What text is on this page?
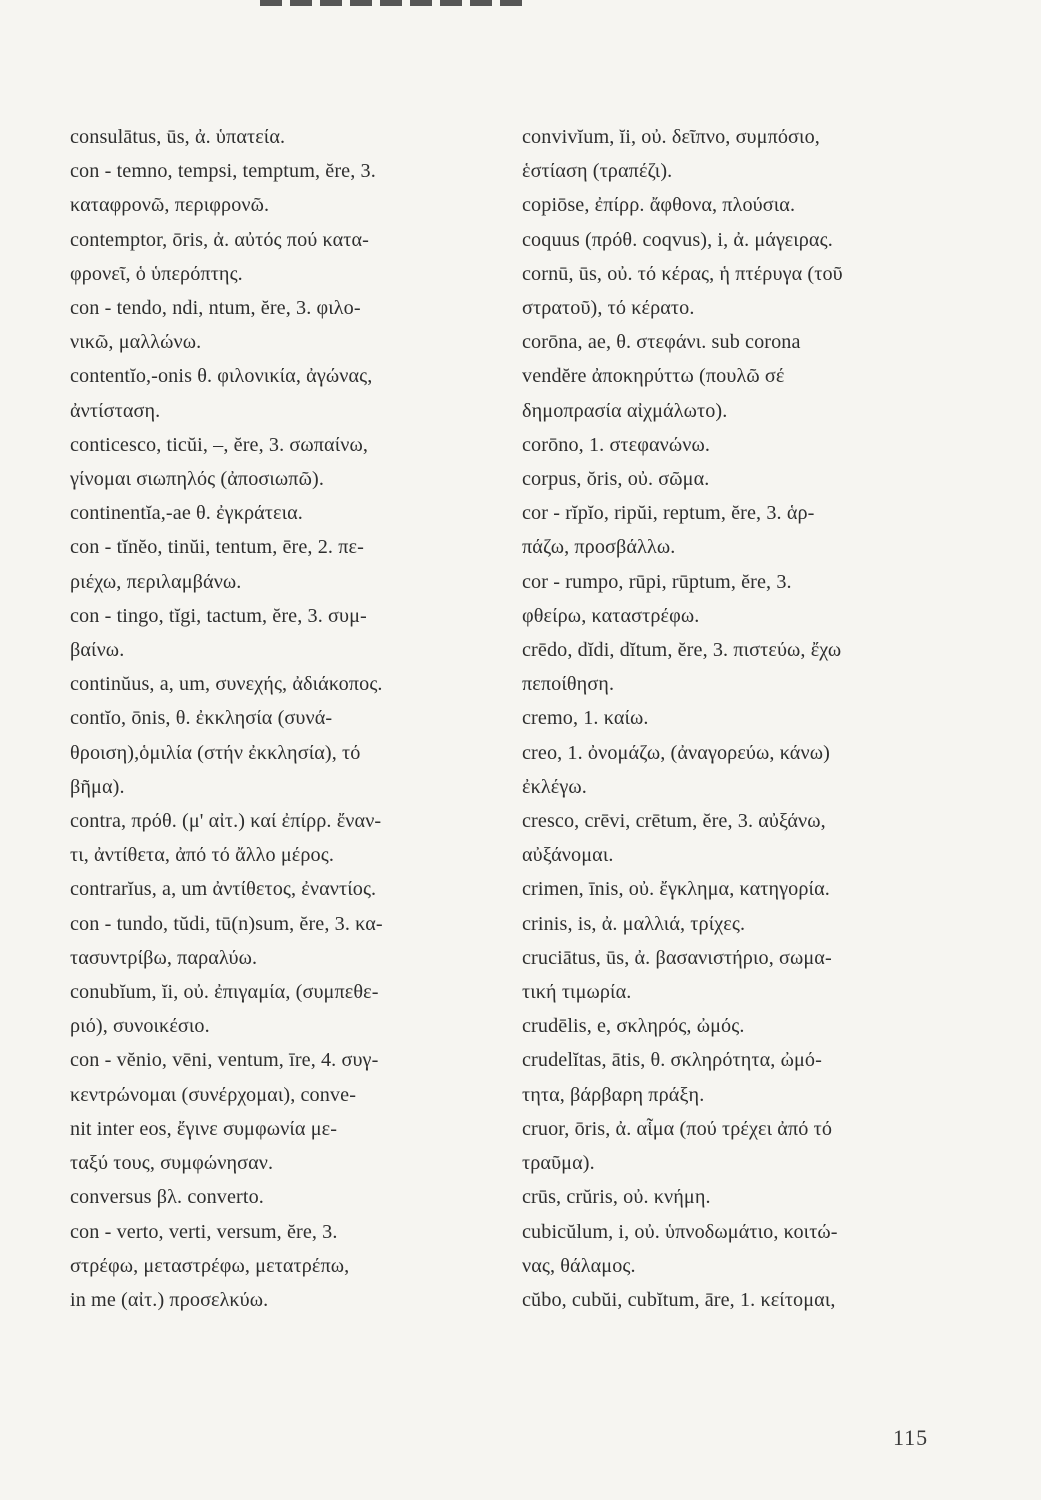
consulātus, ūs, ἀ. ὑπατεία.

con - temno, tempsi, temptum, ĕre, 3.
καταφρονῶ, περιφρονῶ.

contemptor, ōris, ἀ. αὐτός πού κατα-
φρονεῖ, ὁ ὑπερόπτης.

con - tendo, ndi, ntum, ĕre, 3. φιλο-
νικῶ, μαλλώνω.

contentĭo,-onis θ. φιλονικία, ἀγώνας,
ἀντίσταση.

conticesco, ticŭi, –, ĕre, 3. σωπαίνω,
γίνομαι σιωπηλός (ἀποσιωπῶ).

continentĭa,-ae θ. ἐγκράτεια.

con - tĭnĕo, tinŭi, tentum, ēre, 2. πε-
ριέχω, περιλαμβάνω.

con - tingo, tĭgi, tactum, ĕre, 3. συμ-
βαίνω.

continŭus, a, um, συνεχής, ἀδιάκοπος.

contĭo, ōnis, θ. ἐκκλησία (συνά-
θροιση),ὁμιλία (στήν ἐκκλησία), τό
βῆμα).

contra, πρόθ. (μ' αἰτ.) καί ἐπίρρ. ἔναν-
τι, ἀντίθετα, ἀπό τό ἄλλο μέρος.

contrarĭus, a, um ἀντίθετος, ἐναντίος.

con - tundo, tŭdi, tū(n)sum, ĕre, 3. κα-
τασυντρίβω, παραλύω.

conubĭum, ĭi, οὐ. ἐπιγαμία, (συμπεθε-
ριό), συνοικέσιο.

con - vĕnio, vēni, ventum, īre, 4. συγ-
κεντρώνομαι (συνέρχομαι), conve-
nit inter eos, ἔγινε συμφωνία με-
ταξύ τους, συμφώνησαν.

conversus βλ. converto.

con - verto, verti, versum, ĕre, 3.
στρέφω, μεταστρέφω, μετατρέπω,
in me (αἰτ.) προσελκύω.

convivĭum, ĭi, οὐ. δεῖπνο, συμπόσιο,
ἑστίαση (τραπέζι).

copiōse, ἐπίρρ. ἄφθονα, πλούσια.

coquus (πρόθ. coqvus), i, ἀ. μάγειρας.

cornū, ūs, οὐ. τό κέρας, ἡ πτέρυγα (τοῦ
στρατοῦ), τό κέρατο.

corōna, ae, θ. στεφάνι. sub corona
vendĕre ἀποκηρύττω (πουλῶ σέ
δημοπρασία αἰχμάλωτο).

corōno, 1. στεφανώνω.

corpus, ŏris, οὐ. σῶμα.

cor - rĭpĭo, ripŭi, reptum, ĕre, 3. ἁρ-
πάζω, προσβάλλω.

cor - rumpo, rūpi, rūptum, ĕre, 3.
φθείρω, καταστρέφω.

crēdo, dĭdi, dĭtum, ĕre, 3. πιστεύω, ἔχω
πεποίθηση.

cremo, 1. καίω.

creo, 1. ὀνομάζω, (ἀναγορεύω, κάνω)
ἐκλέγω.

cresco, crēvi, crētum, ĕre, 3. αὐξάνω,
αὐξάνομαι.

crimen, īnis, οὐ. ἔγκλημα, κατηγορία.

crinis, is, ἀ. μαλλιά, τρίχες.

cruciātus, ūs, ἀ. βασανιστήριο, σωμα-
τική τιμωρία.

crudēlis, e, σκληρός, ὠμός.

crudelĭtas, ātis, θ. σκληρότητα, ὠμό-
τητα, βάρβαρη πράξη.

cruor, ōris, ἀ. αἷμα (πού τρέχει ἀπό τό
τραῦμα).

crūs, crŭris, οὐ. κνήμη.

cubicŭlum, i, οὐ. ὑπνοδωμάτιο, κοιτώ-
νας, θάλαμος.

cŭbo, cubŭi, cubĭtum, āre, 1. κείτομαι,

115
